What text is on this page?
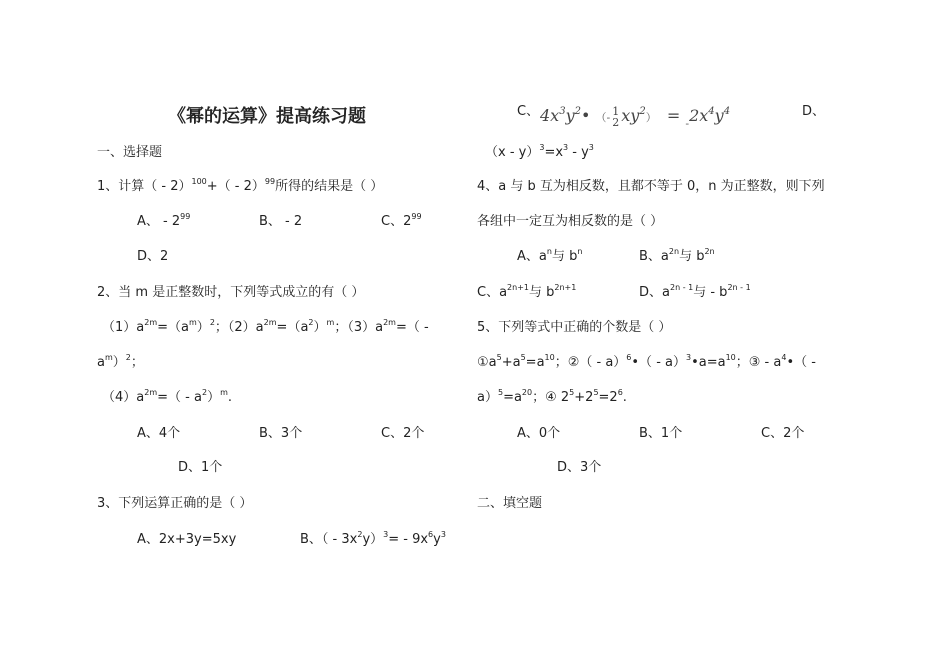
《幂的运算》提高练习题
一、选择题
1、计算（ - 2）$^{100}$+（ - 2）$^{99}$所得的结果是（ ）
A、 - $2^{99}$	B、 - 2	C、$2^{99}$
D、2
2、当 m 是正整数时，下列等式成立的有（ ）
$(1)a^{2m}=(a^m)^2$；$(2)a^{2m}=(a^2)^m$；$(3)a^{2m}=$（ -
$a^m)^2$；
$(4)a^{2m}=( - a^2)^m$.
A、4个	B、3个	C、2个
D、1个
3、下列运算正确的是（ ）
A、2x+3y=5xy	B、（ - $3x^2y)^3= - 9x^6y^3$
C、 $4x^3y^2•$ （- 1
2 $xy^2) = _-2x^4y^4$	D、
$(x - y)^3=x^3 - y^3$
4、a 与 b 互为相反数，且都不等于 0，n 为正整数，则下列
各组中一定互为相反数的是（ ）
A、$a^n$与 $b^n$	B、$a^{2n}$与 $b^{2n}$
C、$a^{2n+1}$与 $b^{2n+1}$	D、$a^{2n - 1}$与 - $b^{2n - 1}$
5、下列等式中正确的个数是（ ）
$①a^5+a^5=a^{10}$；②（ - a）$^6$•（ - $a)^3•a=a^{10}$；③ - $a^4•$（ -
$a)^5=a^{20}$；④ $2^5+2^5=2^6$.
A、0个	B、1个	C、2个
D、3个
二、填空题
